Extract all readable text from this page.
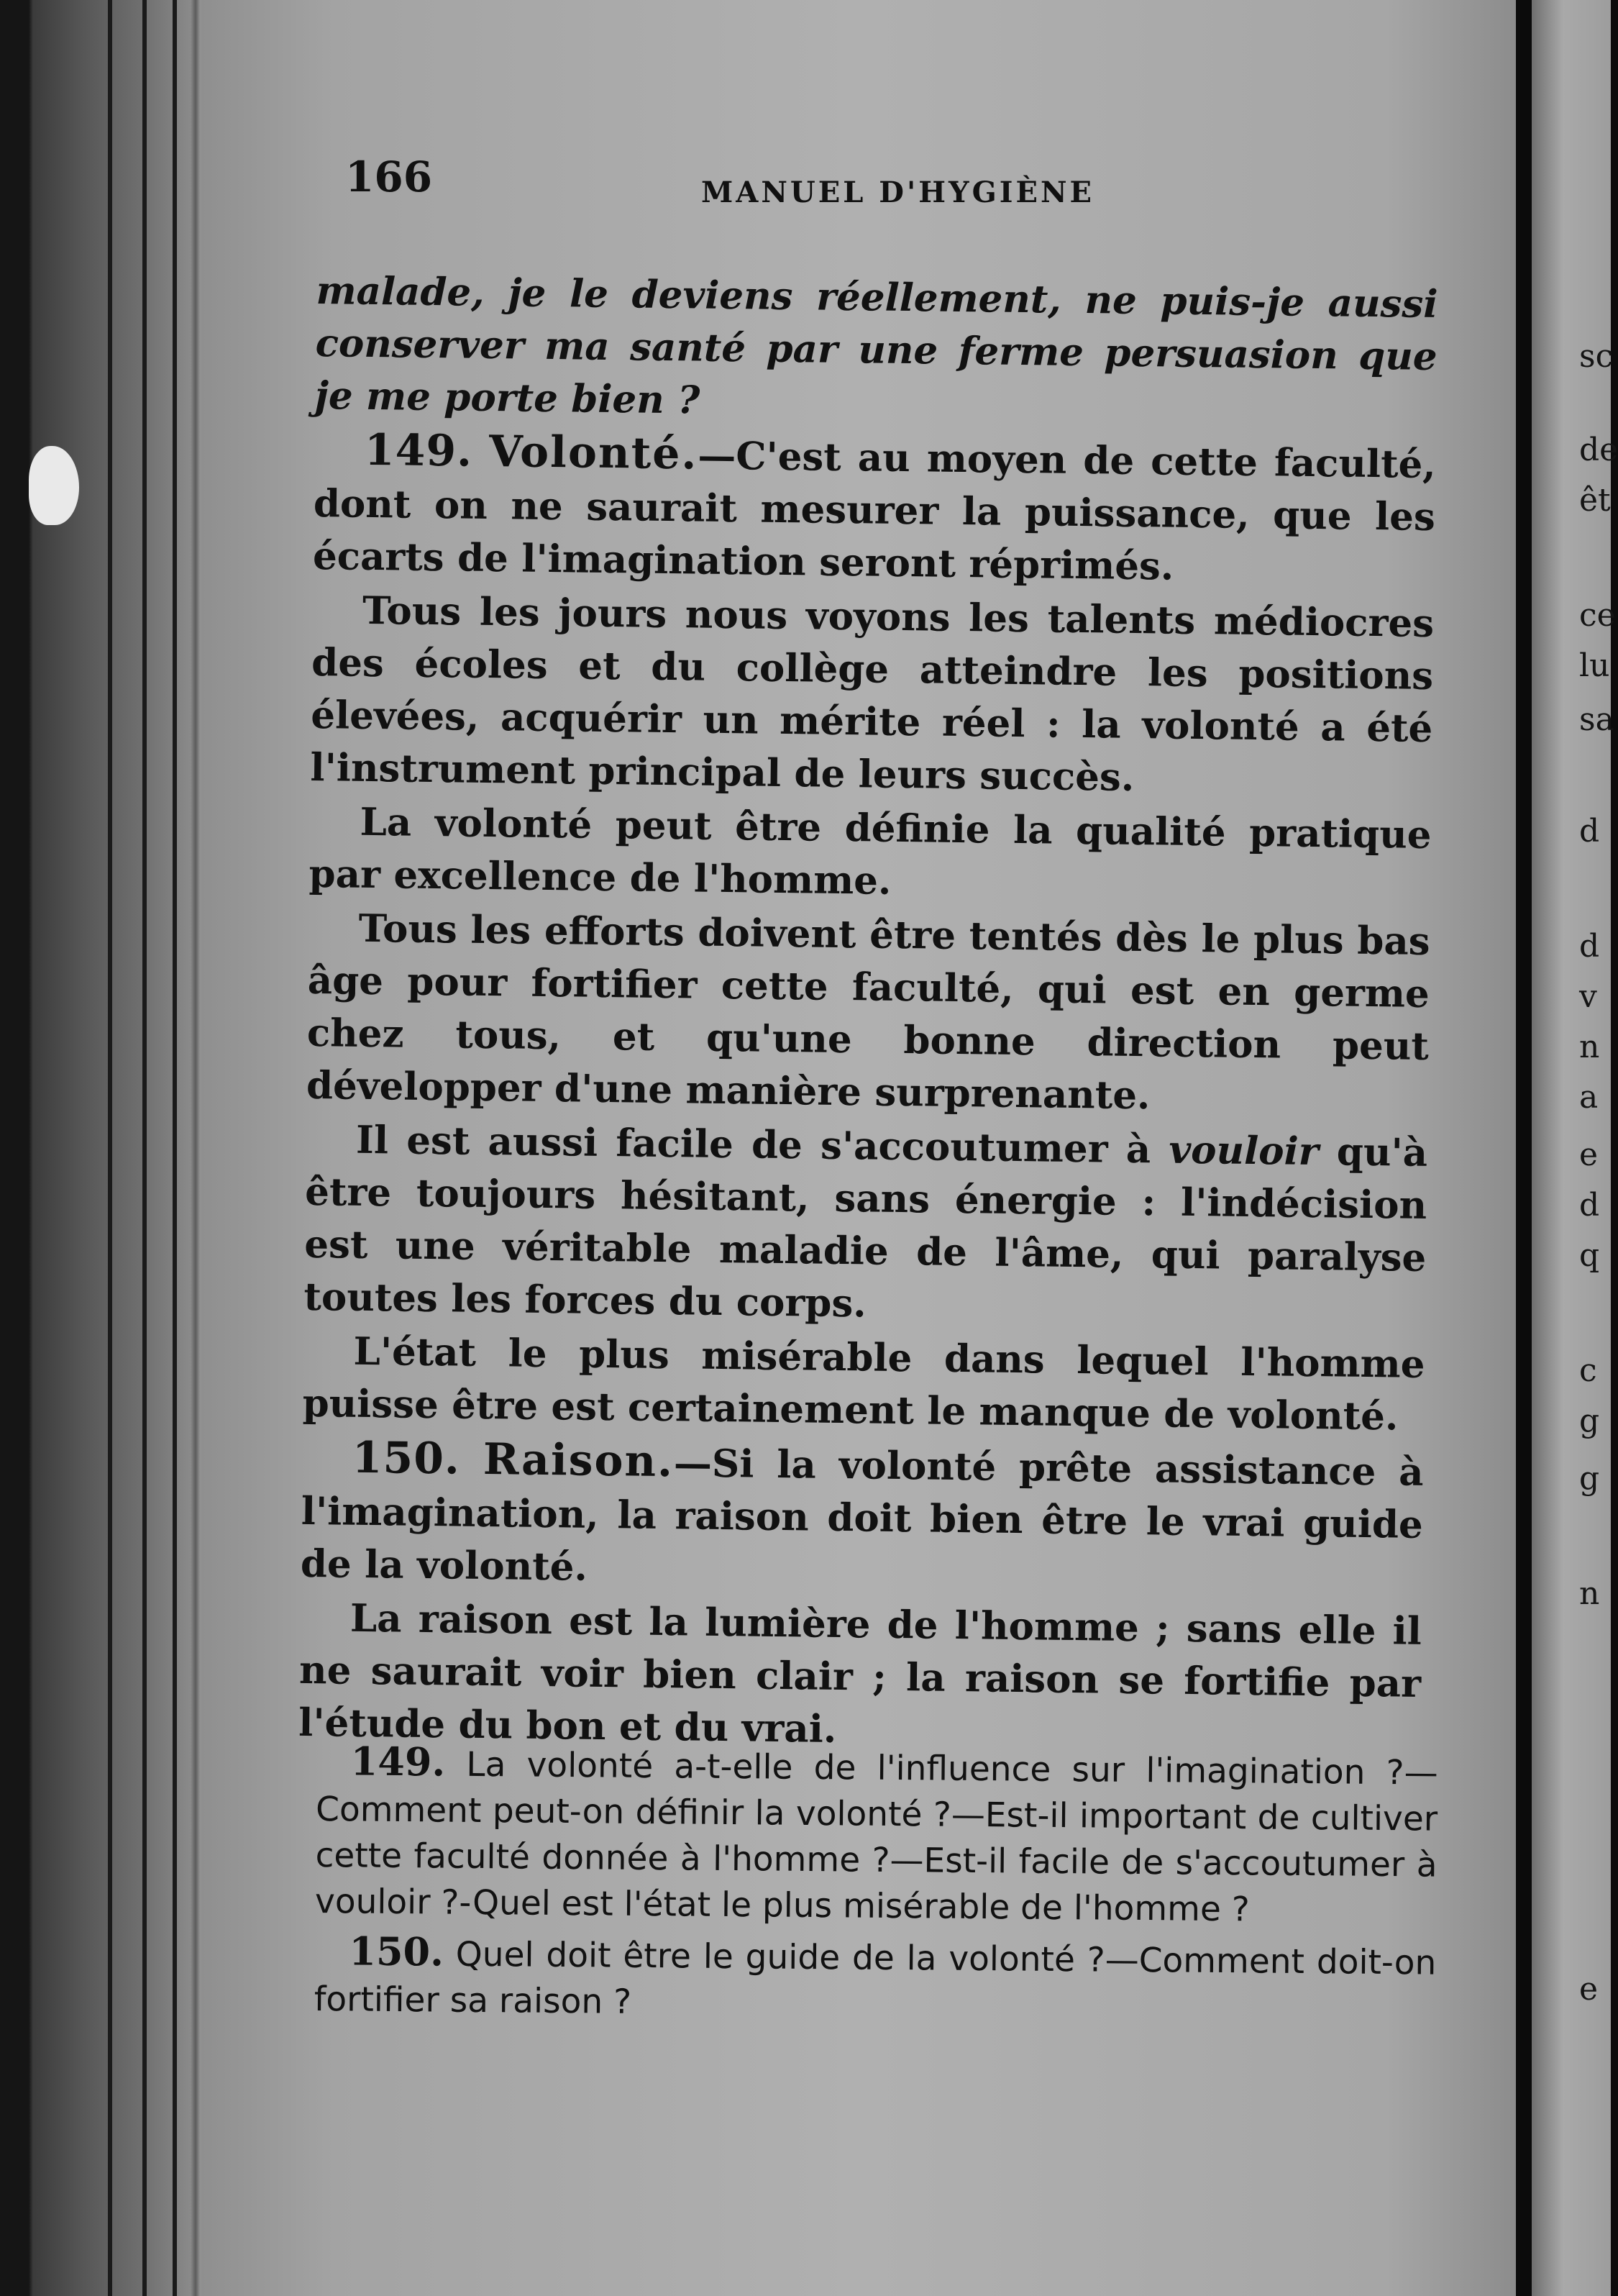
sc
de
êt
ce
lu
sa
d
d
v
n
a
e
d
q
c
g
g
n
e
166	MANUEL D'HYGIÈNE

malade, je le deviens réellement, ne puis-je aussi conserver ma santé par une ferme persuasion que je me porte bien ?

149. Volonté.—C'est au moyen de cette faculté, dont on ne saurait mesurer la puissance, que les écarts de l'imagination seront réprimés.

Tous les jours nous voyons les talents médiocres des écoles et du collège atteindre les positions élevées, acquérir un mérite réel : la volonté a été l'instrument principal de leurs succès.

La volonté peut être définie la qualité pratique par excellence de l'homme.

Tous les efforts doivent être tentés dès le plus bas âge pour fortifier cette faculté, qui est en germe chez tous, et qu'une bonne direction peut développer d'une manière surprenante.

Il est aussi facile de s'accoutumer à vouloir qu'à être toujours hésitant, sans énergie : l'indécision est une véritable maladie de l'âme, qui paralyse toutes les forces du corps.

L'état le plus misérable dans lequel l'homme puisse être est certainement le manque de volonté.

150. Raison.—Si la volonté prête assistance à l'imagination, la raison doit bien être le vrai guide de la volonté.

La raison est la lumière de l'homme ; sans elle il ne saurait voir bien clair ; la raison se fortifie par l'étude du bon et du vrai.

149. La volonté a-t-elle de l'influence sur l'imagination ?—Comment peut-on définir la volonté ?—Est-il important de cultiver cette faculté donnée à l'homme ?—Est-il facile de s'accoutumer à vouloir ?-Quel est l'état le plus misérable de l'homme ?

150. Quel doit être le guide de la volonté ?—Comment doit-on fortifier sa raison ?
